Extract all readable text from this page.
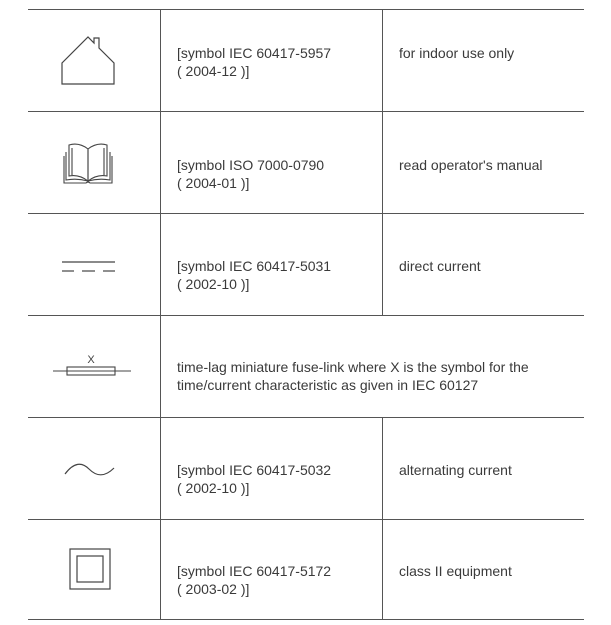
[symbol IEC 60417-5957
( 2004-12 )]
for indoor use only
[symbol ISO 7000-0790
( 2004-01 )]
read operator's manual
[symbol IEC 60417-5031
( 2002-10 )]
direct current
X	time-lag miniature fuse-link where X is the symbol for the
time/current characteristic as given in IEC 60127
[symbol IEC 60417-5032
( 2002-10 )]
alternating current
[symbol IEC 60417-5172
( 2003-02 )]
class II equipment
